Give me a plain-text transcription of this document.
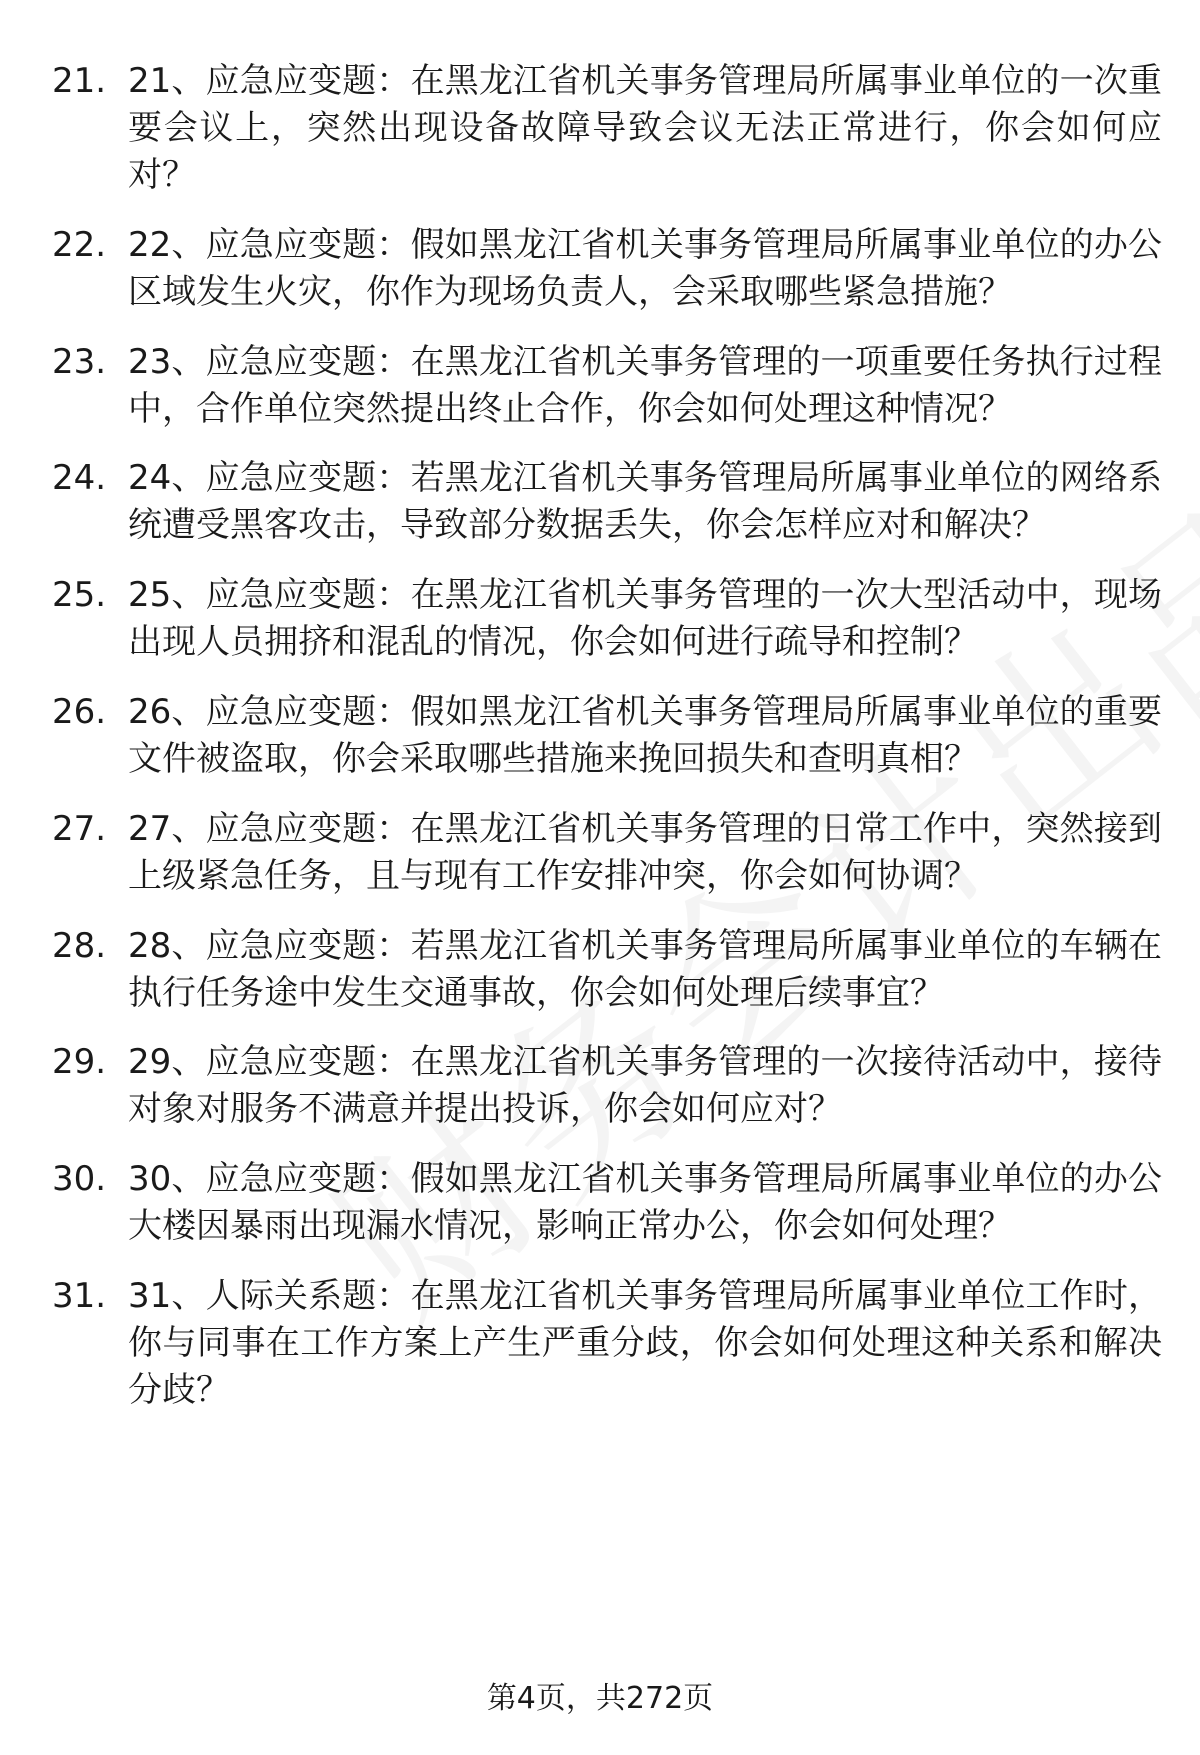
21. 21、应急应变题：在黑龙江省机关事务管理局所属事业单位的一次重要会议上，突然出现设备故障导致会议无法正常进行，你会如何应对？
22. 22、应急应变题：假如黑龙江省机关事务管理局所属事业单位的办公区域发生火灾，你作为现场负责人，会采取哪些紧急措施？
23. 23、应急应变题：在黑龙江省机关事务管理的一项重要任务执行过程中，合作单位突然提出终止合作，你会如何处理这种情况？
24. 24、应急应变题：若黑龙江省机关事务管理局所属事业单位的网络系统遭受黑客攻击，导致部分数据丢失，你会怎样应对和解决？
25. 25、应急应变题：在黑龙江省机关事务管理的一次大型活动中，现场出现人员拥挤和混乱的情况，你会如何进行疏导和控制？
26. 26、应急应变题：假如黑龙江省机关事务管理局所属事业单位的重要文件被盗取，你会采取哪些措施来挽回损失和查明真相？
27. 27、应急应变题：在黑龙江省机关事务管理的日常工作中，突然接到上级紧急任务，且与现有工作安排冲突，你会如何协调？
28. 28、应急应变题：若黑龙江省机关事务管理局所属事业单位的车辆在执行任务途中发生交通事故，你会如何处理后续事宜？
29. 29、应急应变题：在黑龙江省机关事务管理的一次接待活动中，接待对象对服务不满意并提出投诉，你会如何应对？
30. 30、应急应变题：假如黑龙江省机关事务管理局所属事业单位的办公大楼因暴雨出现漏水情况，影响正常办公，你会如何处理？
31. 31、人际关系题：在黑龙江省机关事务管理局所属事业单位工作时，你与同事在工作方案上产生严重分歧，你会如何处理这种关系和解决分歧？
第4页，共272页
